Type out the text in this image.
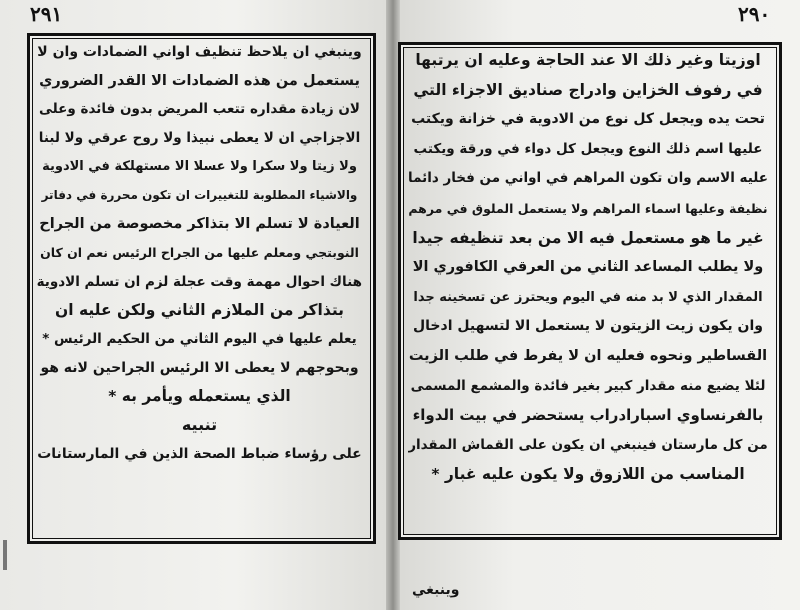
٢٩١	٢٩٠
وينبغي ان يلاحظ تنظيف اواني الضمادات وان لا
يستعمل من هذه الضمادات الا القدر الضروري
لان زيادة مقداره تتعب المريض بدون فائدة وعلى
الاجزاجي ان لا يعطى نبيذا ولا روح عرقي ولا لبنا
ولا زيتا ولا سكرا ولا عسلا الا مستهلكة في الادوية
والاشياء المطلوبة للتغييرات ان تكون محررة في دفاتر
العيادة لا تسلم الا بتذاكر مخصوصة من الجراح
النوبتجي ومعلم عليها من الجراح الرئيس نعم ان كان
هناك احوال مهمة وقت عجلة لزم ان تسلم الادوية
بتذاكر من الملازم الثاني ولكن عليه ان
يعلم عليها في اليوم الثاني من الحكيم الرئيس *
وبحوجهم لا يعطى الا الرئيس الجراحين لانه هو
الذي يستعمله ويأمر به *
تنبيه
على رؤساء ضباط الصحة الذين في المارستانات
اوزيتا وغير ذلك الا عند الحاجة وعليه ان يرتبها
في رفوف الخزاين وادراج صناديق الاجزاء التي
تحت يده ويجعل كل نوع من الادوية في خزانة ويكتب
عليها اسم ذلك النوع ويجعل كل دواء في ورقة ويكتب
عليه الاسم وان تكون المراهم في اواني من فخار دائما
نظيفة وعليها اسماء المراهم ولا يستعمل الملوق في مرهم
غير ما هو مستعمل فيه الا من بعد تنظيفه جيدا
ولا يطلب المساعد الثاني من العرقي الكافوري الا
المقدار الذي لا بد منه في اليوم ويحترز عن تسخينه جدا
وان يكون زيت الزيتون لا يستعمل الا لتسهيل ادخال
القساطير ونحوه فعليه ان لا يفرط في طلب الزيت
لئلا يضيع منه مقدار كبير بغير فائدة والمشمع المسمى
بالفرنساوي اسبارادراب يستحضر في بيت الدواء
من كل مارستان فينبغي ان يكون على القماش المقدار
المناسب من اللازوق ولا يكون عليه غبار *
وينبغي
